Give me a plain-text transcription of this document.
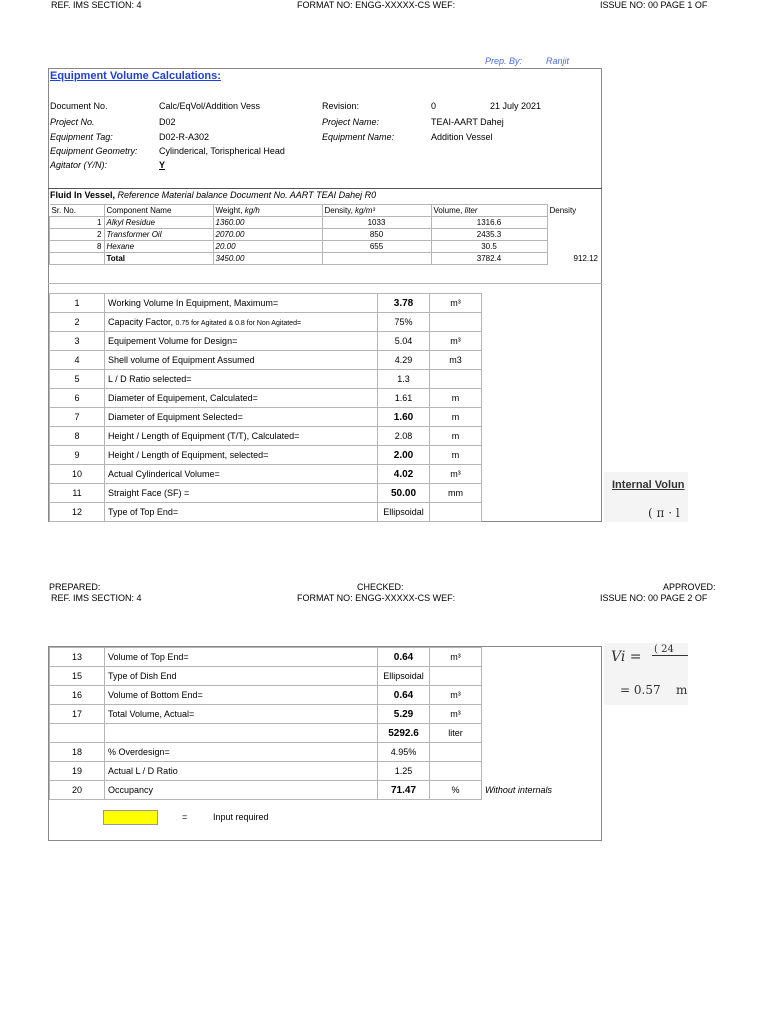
REF. IMS SECTION: 4	FORMAT NO: ENGG-XXXXX-CS WEF:	ISSUE NO: 00 PAGE 1 OF
Prep. By:	Ranjit
Equipment Volume Calculations:
Document No.	Calc/EqVol/Addition Vess	Revision:	0	21 July 2021
Project No.	D02	Project Name:	TEAI-AART Dahej
Equipment Tag:	D02-R-A302	Equipment Name:	Addition Vessel
Equipment Geometry: Cylinderical, Torispherical Head
Agitator (Y/N):	Y
Fluid In Vessel, Reference Material balance Document No. AART TEAI Dahej R0
Sr. No.	Component Name	Weight, kg/h	Density, kg/m³	Volume, liter	Density
1	Alkyl Residue	1360.00	1033	1316.6	
2	Transformer Oil	2070.00	850	2435.3	
8	Hexane	20.00	655	30.5	
	Total	3450.00		3782.4	912.12
1	Working Volume In Equipment, Maximum=	3.78	m³
2	Capacity Factor, 0.75 for Agitated & 0.8 for Non Agitated=	75%	
3	Equipement Volume for Design=	5.04	m³
4	Shell volume of Equipment Assumed	4.29	m3
5	L / D Ratio selected=	1.3	
6	Diameter of Equipement, Calculated=	1.61	m
7	Diameter of Equipment Selected=	1.60	m
8	Height / Length of Equipment (T/T), Calculated=	2.08	m
9	Height / Length of Equipment, selected=	2.00	m
10	Actual Cylinderical Volume=	4.02	m³
11	Straight Face (SF) =	50.00	mm
12	Type of Top End=	Ellipsoidal	
Internal Volun
( π · l
PREPARED:	CHECKED:	APPROVED:
REF. IMS SECTION: 4	FORMAT NO: ENGG-XXXXX-CS WEF:	ISSUE NO: 00 PAGE 2 OF
13	Volume of Top End=	0.64	m³	
15	Type of Dish End	Ellipsoidal		
16	Volume of Bottom End=	0.64	m³	
17	Total Volume, Actual=	5.29	m³	
		5292.6	liter	
18	% Overdesign=	4.95%		
19	Actual L / D Ratio	1.25		
20	Occupancy	71.47	%	Without internals
=	Input required
Vi = ( 24
= 0.57 m
